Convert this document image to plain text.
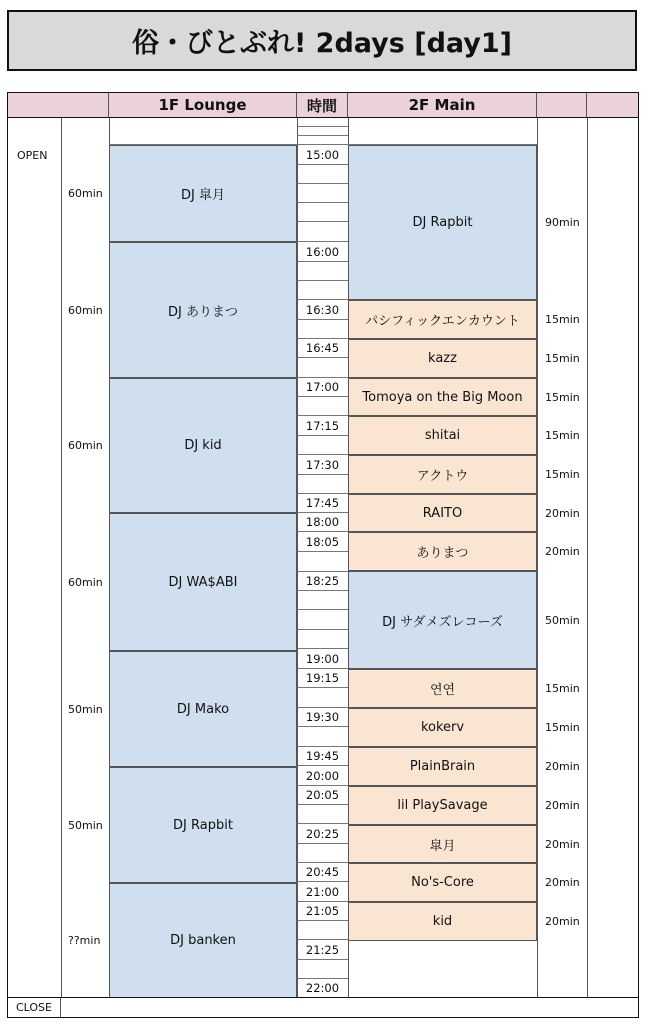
俗・びとぶれ! 2days [day1]
1F Lounge	時間	2F Main
15:00
16:00
16:30
16:45
17:00
17:15
17:30
17:45
18:00
18:05
18:25
19:00
19:15
19:30
19:45
20:00
20:05
20:25
20:45
21:00
21:05
21:25
22:00
DJ 皐月
DJ ありまつ
DJ kid
DJ WA$ABI
DJ Mako
DJ Rapbit
DJ banken
DJ Rapbit
パシフィックエンカウント
kazz
Tomoya on the Big Moon
shitai
アクトウ
RAITO
ありまつ
DJ サダメズレコーズ
연연
kokerv
PlainBrain
lil PlaySavage
皐月
No's-Core
kid
OPEN
CLOSE
60min
60min
60min
60min
50min
50min
??min
90min
15min
15min
15min
15min
15min
20min
20min
50min
15min
15min
20min
20min
20min
20min
20min
